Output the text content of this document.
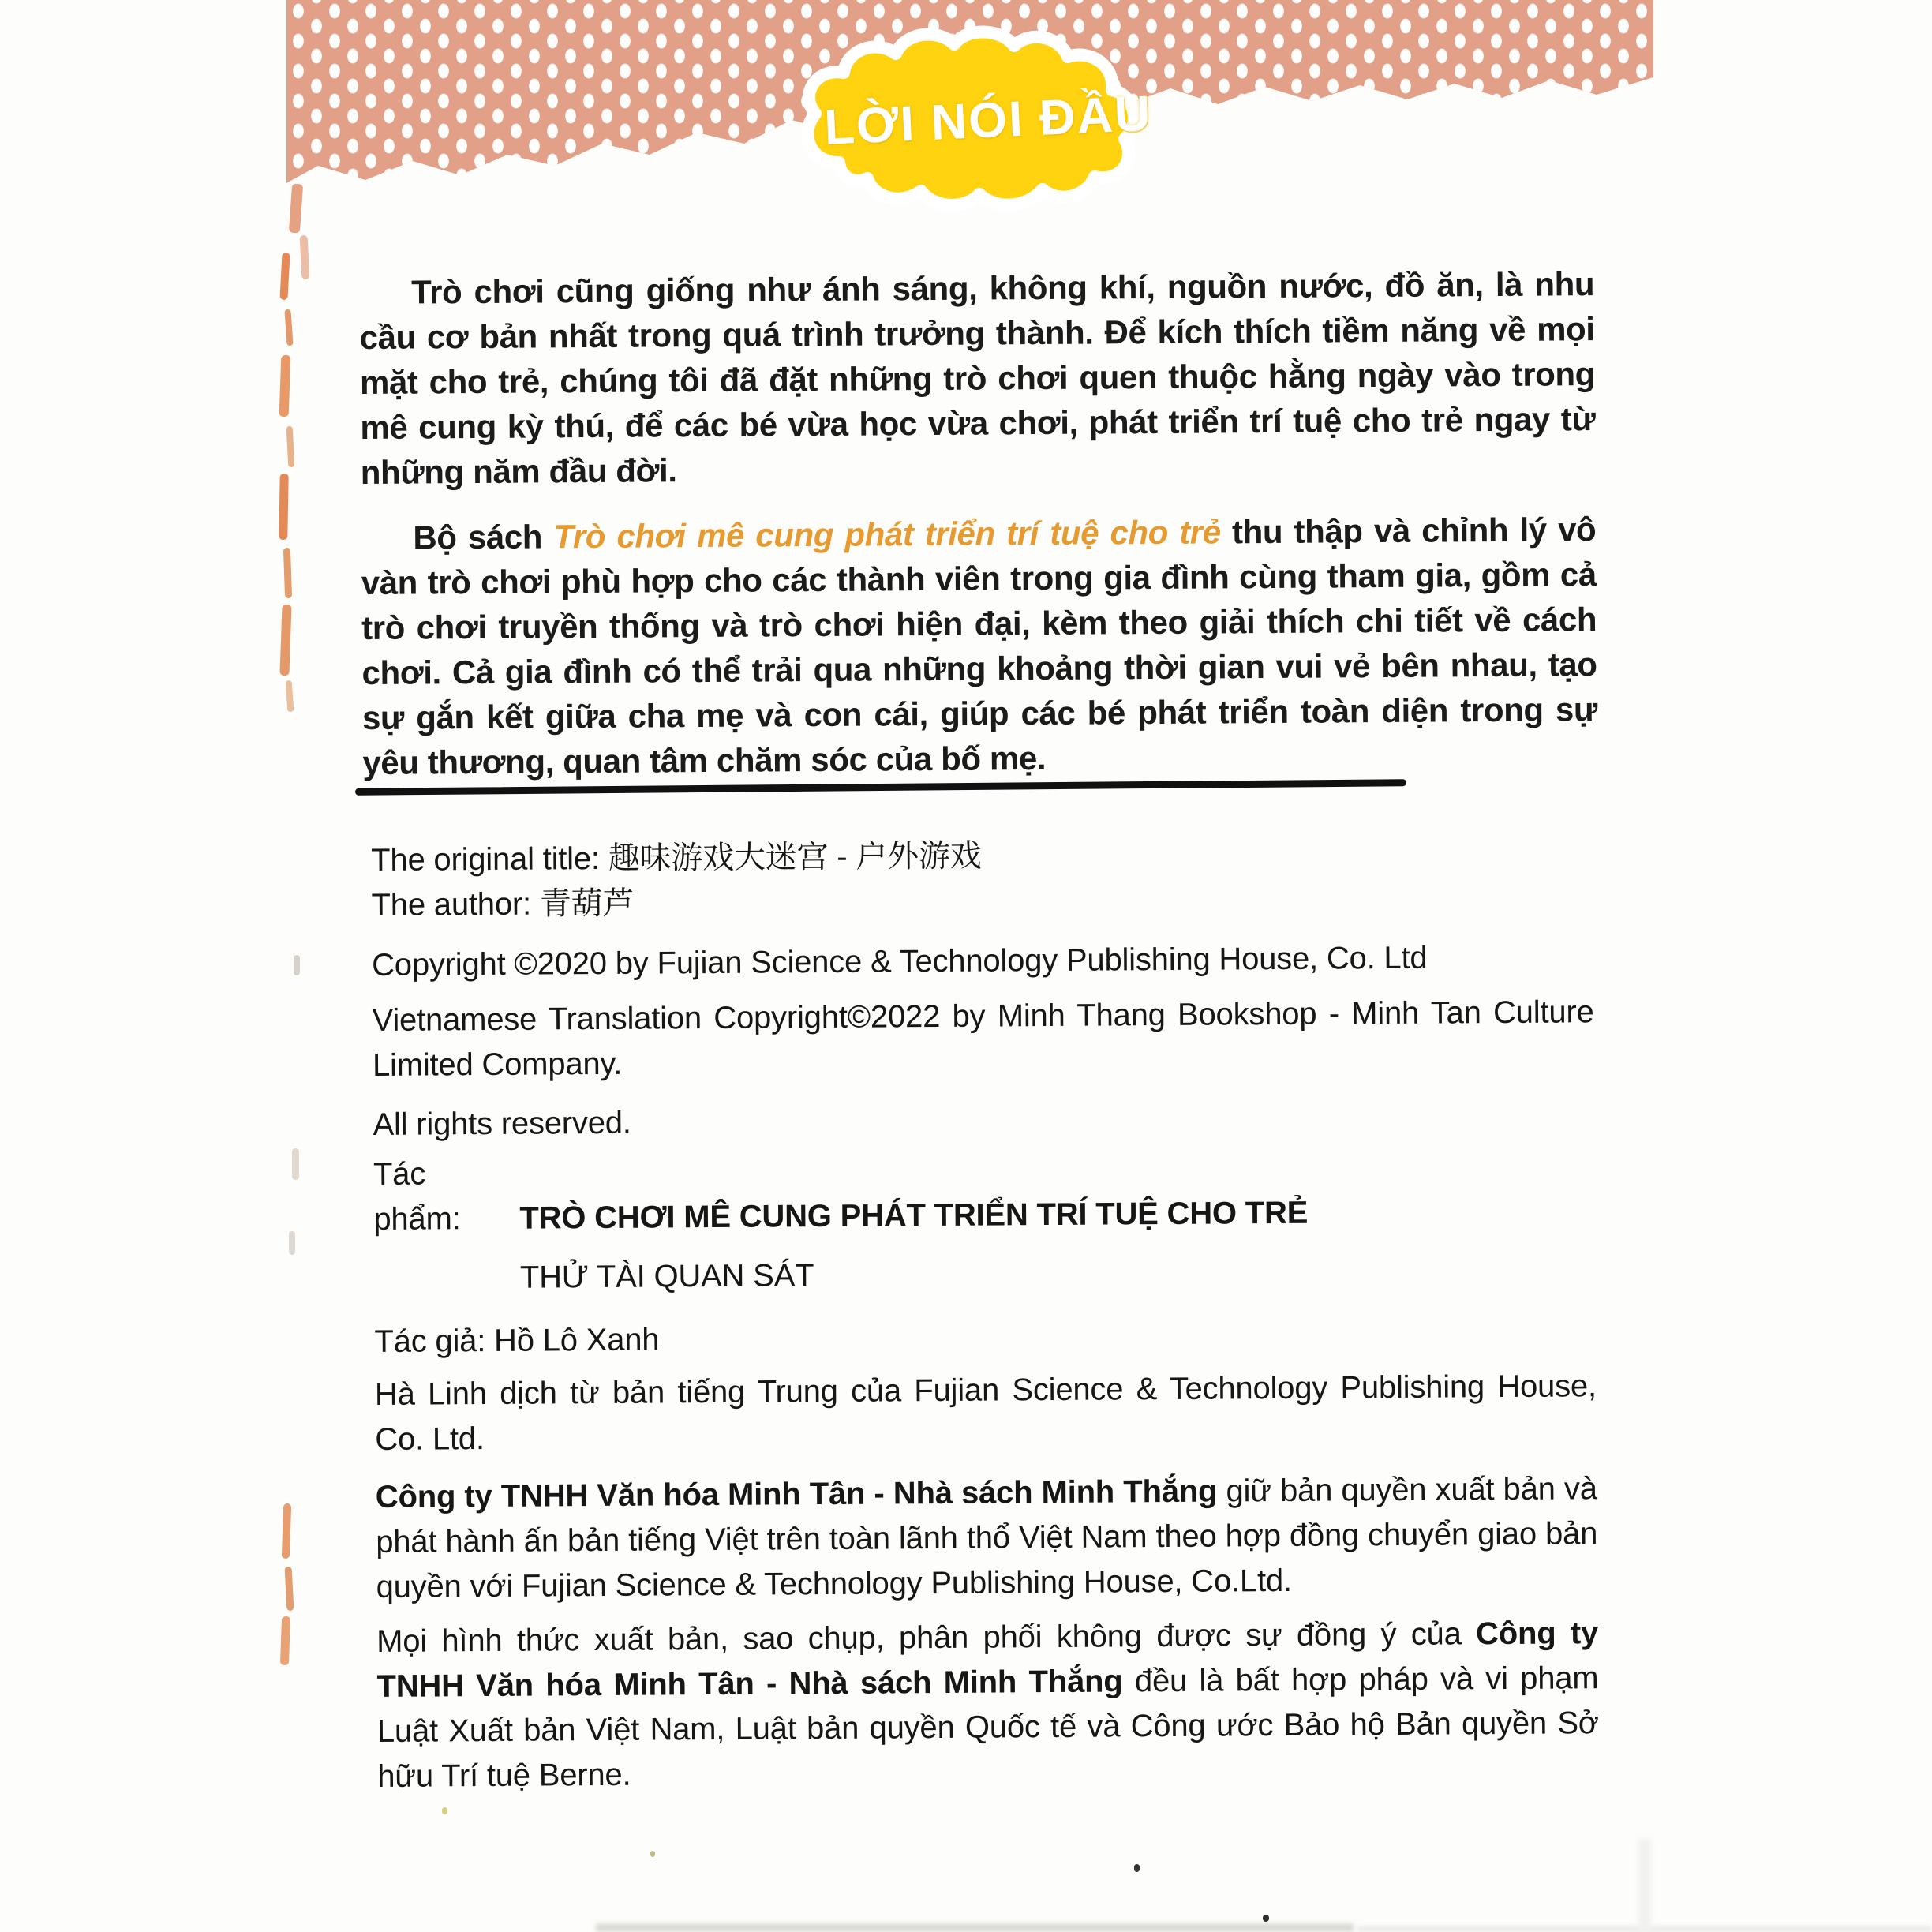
LỜI NÓI ĐẦU

Trò chơi cũng giống như ánh sáng, không khí, nguồn nước, đồ ăn, là nhu cầu cơ bản nhất trong quá trình trưởng thành. Để kích thích tiềm năng về mọi mặt cho trẻ, chúng tôi đã đặt những trò chơi quen thuộc hằng ngày vào trong mê cung kỳ thú, để các bé vừa học vừa chơi, phát triển trí tuệ cho trẻ ngay từ những năm đầu đời.

Bộ sách Trò chơi mê cung phát triển trí tuệ cho trẻ thu thập và chỉnh lý vô vàn trò chơi phù hợp cho các thành viên trong gia đình cùng tham gia, gồm cả trò chơi truyền thống và trò chơi hiện đại, kèm theo giải thích chi tiết về cách chơi. Cả gia đình có thể trải qua những khoảng thời gian vui vẻ bên nhau, tạo sự gắn kết giữa cha mẹ và con cái, giúp các bé phát triển toàn diện trong sự yêu thương, quan tâm chăm sóc của bố mẹ.

The original title: 趣味游戏大迷宫 - 户外游戏

The author: 青葫芦

Copyright ©2020 by Fujian Science & Technology Publishing House, Co. Ltd

Vietnamese Translation Copyright©2022 by Minh Thang Bookshop - Minh Tan Culture Limited Company.

All rights reserved.

Tác phẩm: TRÒ CHƠI MÊ CUNG PHÁT TRIỂN TRÍ TUỆ CHO TRẺ

THỬ TÀI QUAN SÁT

Tác giả: Hồ Lô Xanh

Hà Linh dịch từ bản tiếng Trung của Fujian Science & Technology Publishing House, Co. Ltd.

Công ty TNHH Văn hóa Minh Tân - Nhà sách Minh Thắng giữ bản quyền xuất bản và phát hành ấn bản tiếng Việt trên toàn lãnh thổ Việt Nam theo hợp đồng chuyển giao bản quyền với Fujian Science & Technology Publishing House, Co.Ltd.

Mọi hình thức xuất bản, sao chụp, phân phối không được sự đồng ý của Công ty TNHH Văn hóa Minh Tân - Nhà sách Minh Thắng đều là bất hợp pháp và vi phạm Luật Xuất bản Việt Nam, Luật bản quyền Quốc tế và Công ước Bảo hộ Bản quyền Sở hữu Trí tuệ Berne.
